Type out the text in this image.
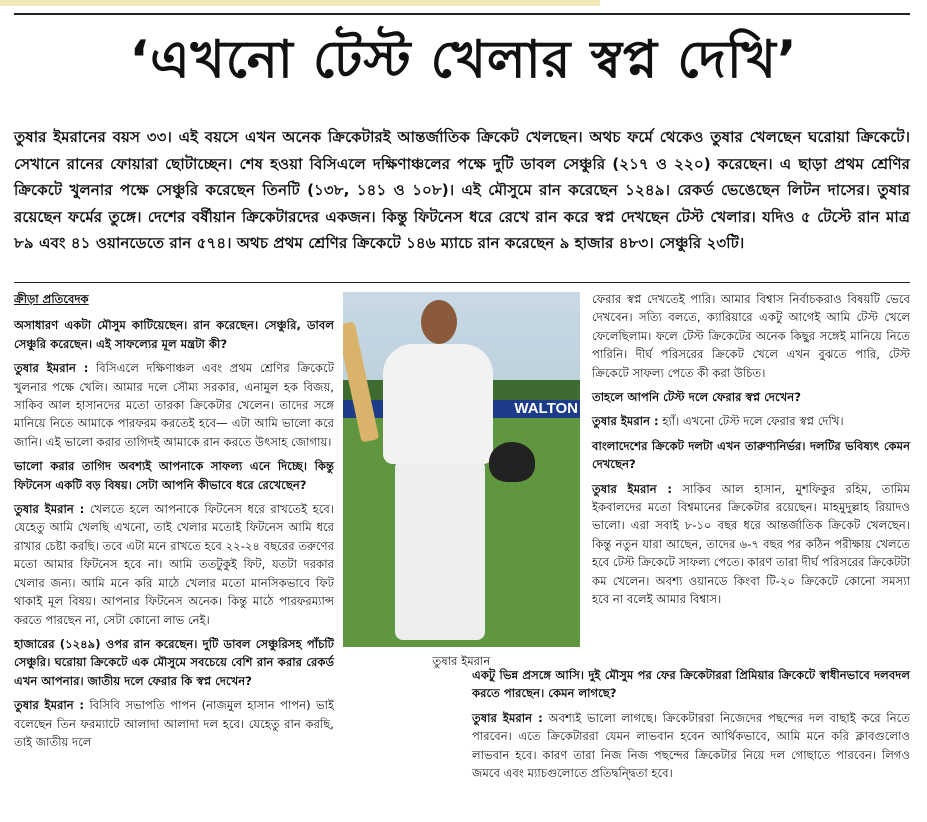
‘এখনো টেস্ট খেলার স্বপ্ন দেখি’
তুষার ইমরানের বয়স ৩৩। এই বয়সে এখন অনেক ক্রিকেটারই আন্তর্জাতিক ক্রিকেট খেলছেন। অথচ ফর্মে থেকেও তুষার খেলছেন ঘরোয়া ক্রিকেটে। সেখানে রানের ফোয়ারা ছোটাচ্ছেন। শেষ হওয়া বিসিএলে দক্ষিণাঞ্চলের পক্ষে দুটি ডাবল সেঞ্চুরি (২১৭ ও ২২০) করেছেন। এ ছাড়া প্রথম শ্রেণির ক্রিকেটে খুলনার পক্ষে সেঞ্চুরি করেছেন তিনটি (১৩৮, ১৪১ ও ১০৮)। এই মৌসুমে রান করেছেন ১২৪৯। রেকর্ড ভেঙেছেন লিটন দাসের। তুষার রয়েছেন ফর্মের তুঙ্গে। দেশের বর্ষীয়ান ক্রিকেটারদের একজন। কিন্তু ফিটনেস ধরে রেখে রান করে স্বপ্ন দেখছেন টেস্ট খেলার। যদিও ৫ টেস্টে রান মাত্র ৮৯ এবং ৪১ ওয়ানডেতে রান ৫৭৪। অথচ প্রথম শ্রেণির ক্রিকেটে ১৪৬ ম্যাচে রান করেছেন ৯ হাজার ৪৮৩। সেঞ্চুরি ২৩টি।

ক্রীড়া প্রতিবেদক

অসাধারণ একটা মৌসুম কাটিয়েছেন। রান করেছেন। সেঞ্চুরি, ডাবল সেঞ্চুরি করেছেন। এই সাফল্যের মূল মন্ত্রটা কী?

তুষার ইমরান : বিসিএলে দক্ষিণাঞ্চল এবং প্রথম শ্রেণির ক্রিকেটে খুলনার পক্ষে খেলি। আমার দলে সৌম্য সরকার, এনামুল হক বিজয়, সাকিব আল হাসানদের মতো তারকা ক্রিকেটার খেলেন। তাদের সঙ্গে মানিয়ে নিতে আমাকে পারফরম করতেই হবে— এটা আমি ভালো করে জানি। এই ভালো করার তাগিদই আমাকে রান করতে উৎসাহ জোগায়।

ভালো করার তাগিদ অবশ্যই আপনাকে সাফল্য এনে দিচ্ছে। কিন্তু ফিটনেস একটি বড় বিষয়। সেটা আপনি কীভাবে ধরে রেখেছেন?

তুষার ইমরান : খেলতে হলে আপনাকে ফিটনেস ধরে রাখতেই হবে। যেহেতু আমি খেলছি এখনো, তাই খেলার মতোই ফিটনেস আমি ধরে রাখার চেষ্টা করছি। তবে এটা মনে রাখতে হবে ২২-২৪ বছরের তরুণের মতো আমার ফিটনেস হবে না। আমি ততটুকুই ফিট, যতটা দরকার খেলার জন্য। আমি মনে করি মাঠে খেলার মতো মানসিকভাবে ফিট থাকাই মূল বিষয়। আপনার ফিটনেস অনেক। কিন্তু মাঠে পারফরম্যান্স করতে পারছেন না, সেটা কোনো লাভ নেই।

হাজারের (১২৪৯) ওপর রান করেছেন। দুটি ডাবল সেঞ্চুরিসহ পাঁচটি সেঞ্চুরি। ঘরোয়া ক্রিকেটে এক মৌসুমে সবচেয়ে বেশি রান করার রেকর্ড এখন আপনার। জাতীয় দলে ফেরার কি স্বপ্ন দেখেন?

তুষার ইমরান : বিসিবি সভাপতি পাপন (নাজমুল হাসান পাপন) ভাই বলেছেন তিন ফরম্যাটে আলাদা আলাদা দল হবে। যেহেতু রান করছি, তাই জাতীয় দলে

WALTON
তুষার ইমরান

ফেরার স্বপ্ন দেখতেই পারি। আমার বিশ্বাস নির্বাচকরাও বিষয়টি ভেবে দেখবেন। সত্যি বলতে, ক্যারিয়ারে একটু আগেই আমি টেস্ট খেলে ফেলেছিলাম। ফলে টেস্ট ক্রিকেটের অনেক কিছুর সঙ্গেই মানিয়ে নিতে পারিনি। দীর্ঘ পরিসরের ক্রিকেট খেলে এখন বুঝতে পারি, টেস্ট ক্রিকেটে সাফল্য পেতে কী করা উচিত।

তাহলে আপনি টেস্ট দলে ফেরার স্বপ্ন দেখেন?

তুষার ইমরান : হ্যাঁ। এখনো টেস্ট দলে ফেরার স্বপ্ন দেখি।

বাংলাদেশের ক্রিকেট দলটা এখন তারুণ্যনির্ভর। দলটির ভবিষ্যৎ কেমন দেখছেন?

তুষার ইমরান : সাকিব আল হাসান, মুশফিকুর রহিম, তামিম ইকবালদের মতো বিশ্বমানের ক্রিকেটার রয়েছেন। মাহমুদুল্লাহ রিয়াদও ভালো। এরা সবাই ৮-১০ বছর ধরে আন্তর্জাতিক ক্রিকেট খেলছেন। কিন্তু নতুন যারা আছেন, তাদের ৬-৭ বছর পর কঠিন পরীক্ষায় খেলতে হবে টেস্ট ক্রিকেটে সাফল্য পেতে। কারণ তারা দীর্ঘ পরিসরের ক্রিকেটটা কম খেলেন। অবশ্য ওয়ানডে কিংবা টি-২০ ক্রিকেটে কোনো সমস্যা হবে না বলেই আমার বিশ্বাস।

একটু ভিন্ন প্রসঙ্গে আসি। দুই মৌসুম পর ফের ক্রিকেটাররা প্রিমিয়ার ক্রিকেটে স্বাধীনভাবে দলবদল করতে পারছেন। কেমন লাগছে?

তুষার ইমরান : অবশ্যই ভালো লাগছে। ক্রিকেটাররা নিজেদের পছন্দের দল বাছাই করে নিতে পারবেন। এতে ক্রিকেটাররা যেমন লাভবান হবেন আর্থিকভাবে, আমি মনে করি ক্লাবগুলোও লাভবান হবে। কারণ তারা নিজ নিজ পছন্দের ক্রিকেটার নিয়ে দল গোছাতে পারবেন। লিগও জমবে এবং ম্যাচগুলোতে প্রতিদ্বন্দ্বিতা হবে।
